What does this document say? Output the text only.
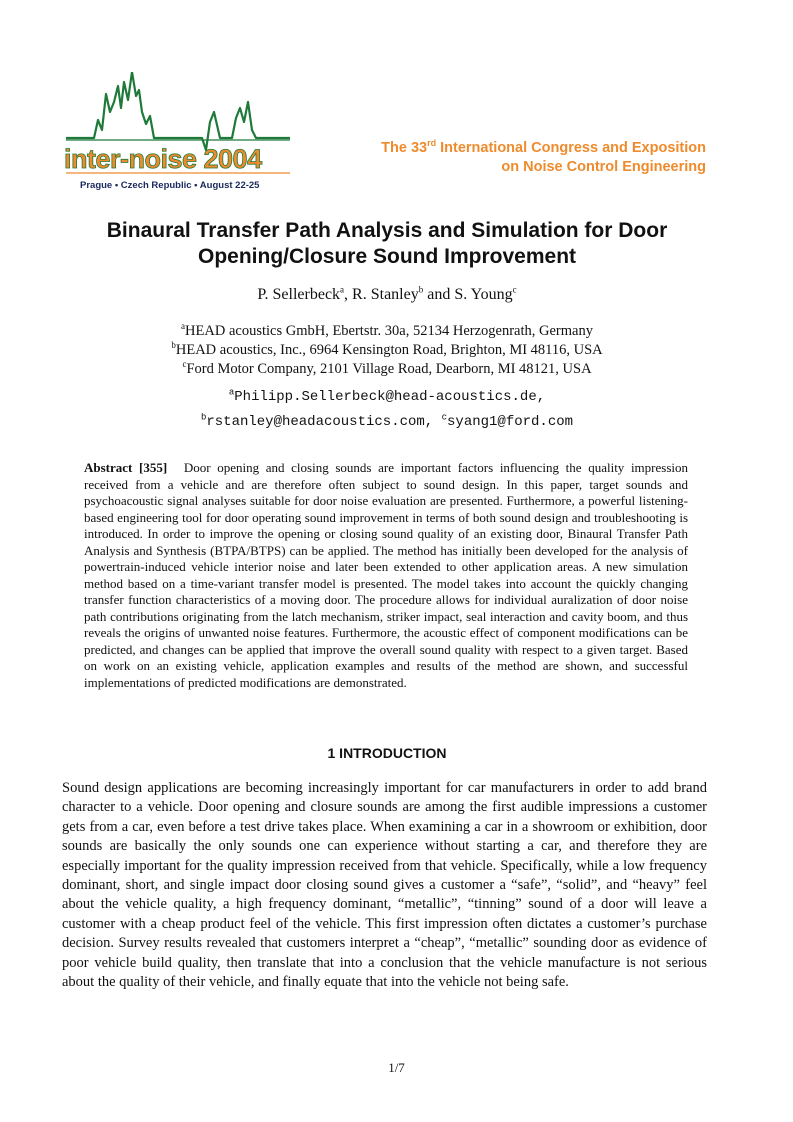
inter-noise 2004
Prague • Czech Republic • August 22-25
The 33rd International Congress and Exposition
on Noise Control Engineering
Binaural Transfer Path Analysis and Simulation for Door
Opening/Closure Sound Improvement
P. Sellerbeck$^a$, R. Stanley$^b$ and S. Young$^c$
$^a$HEAD acoustics GmbH, Ebertstr. 30a, 52134 Herzogenrath, Germany
$^b$HEAD acoustics, Inc., 6964 Kensington Road, Brighton, MI 48116, USA
$^c$Ford Motor Company, 2101 Village Road, Dearborn, MI 48121, USA
$^a$Philipp.Sellerbeck@head-acoustics.de,
$^b$rstanley@headacoustics.com, $^c$syang1@ford.com
Abstract [355] Door opening and closing sounds are important factors influencing the quality impression received from a vehicle and are therefore often subject to sound design. In this paper, target sounds and psychoacoustic signal analyses suitable for door noise evaluation are presented. Furthermore, a powerful listening-based engineering tool for door operating sound improvement in terms of both sound design and troubleshooting is introduced. In order to improve the opening or closing sound quality of an existing door, Binaural Transfer Path Analysis and Synthesis (BTPA/BTPS) can be applied. The method has initially been developed for the analysis of powertrain-induced vehicle interior noise and later been extended to other application areas. A new simulation method based on a time-variant transfer model is presented. The model takes into account the quickly changing transfer function characteristics of a moving door. The procedure allows for individual auralization of door noise path contributions originating from the latch mechanism, striker impact, seal interaction and cavity boom, and thus reveals the origins of unwanted noise features. Furthermore, the acoustic effect of component modifications can be predicted, and changes can be applied that improve the overall sound quality with respect to a given target. Based on work on an existing vehicle, application examples and results of the method are shown, and successful implementations of predicted modifications are demonstrated.
1 INTRODUCTION
Sound design applications are becoming increasingly important for car manufacturers in order to add brand character to a vehicle. Door opening and closure sounds are among the first audible impressions a customer gets from a car, even before a test drive takes place. When examining a car in a showroom or exhibition, door sounds are basically the only sounds one can experience without starting a car, and therefore they are especially important for the quality impression received from that vehicle. Specifically, while a low frequency dominant, short, and single impact door closing sound gives a customer a “safe”, “solid”, and “heavy” feel about the vehicle quality, a high frequency dominant, “metallic”, “tinning” sound of a door will leave a customer with a cheap product feel of the vehicle. This first impression often dictates a customer’s purchase decision. Survey results revealed that customers interpret a “cheap”, “metallic” sounding door as evidence of poor vehicle build quality, then translate that into a conclusion that the vehicle manufacture is not serious about the quality of their vehicle, and finally equate that into the vehicle not being safe.
1/7
